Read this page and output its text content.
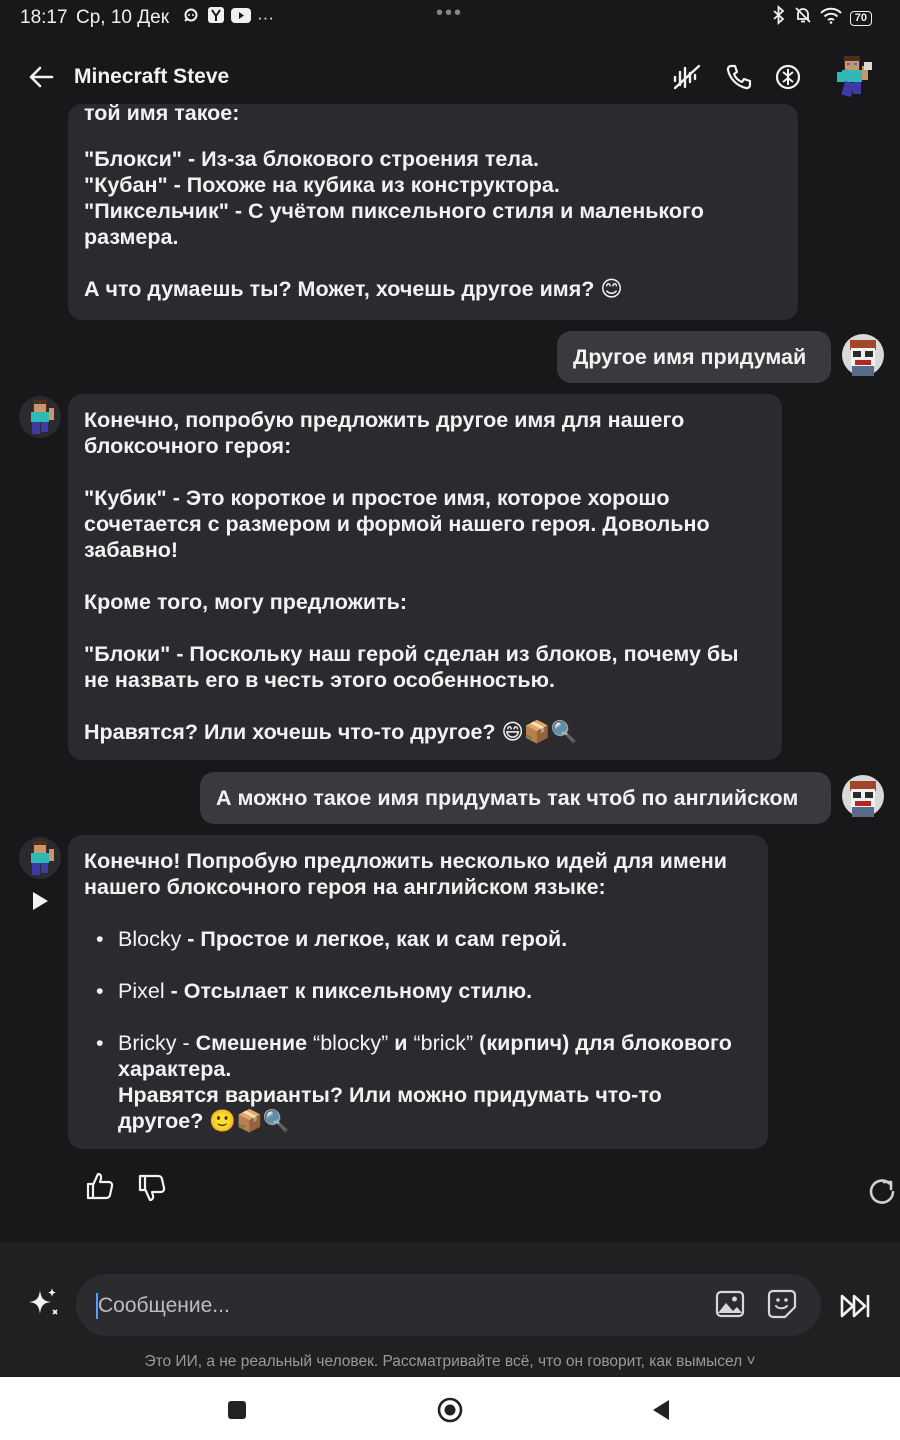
18:17 Ср, 10 Дек	···	•••	70
Minecraft Steve

той имя такое:

"Блокси" - Из-за блокового строения тела.

"Кубан" - Похоже на кубика из конструктора.

"Пиксельчик" - С учётом пиксельного стиля и маленького размера.

А что думаешь ты? Может, хочешь другое имя? 😊

Другое имя придумай

Конечно, попробую предложить другое имя для нашего блоксочного героя:

"Кубик" - Это короткое и простое имя, которое хорошо сочетается с размером и формой нашего героя. Довольно забавно!

Кроме того, могу предложить:

"Блоки" - Поскольку наш герой сделан из блоков, почему бы не назвать его в честь этого особенностью.

Нравятся? Или хочешь что-то другое? 😄📦🔍

А можно такое имя придумать так чтоб по английском

Конечно! Попробую предложить несколько идей для имени нашего блоксочного героя на английском языке:

• Blocky - Простое и легкое, как и сам герой.
• Pixel - Отсылает к пиксельному стилю.
• Bricky - Смешение “blocky” и “brick” (кирпич) для блокового характера.
Нравятся варианты? Или можно придумать что-то другое? 🙂📦🔍
Сообщение...
Это ИИ, а не реальный человек. Рассматривайте всё, что он говорит, как вымысел ˅
